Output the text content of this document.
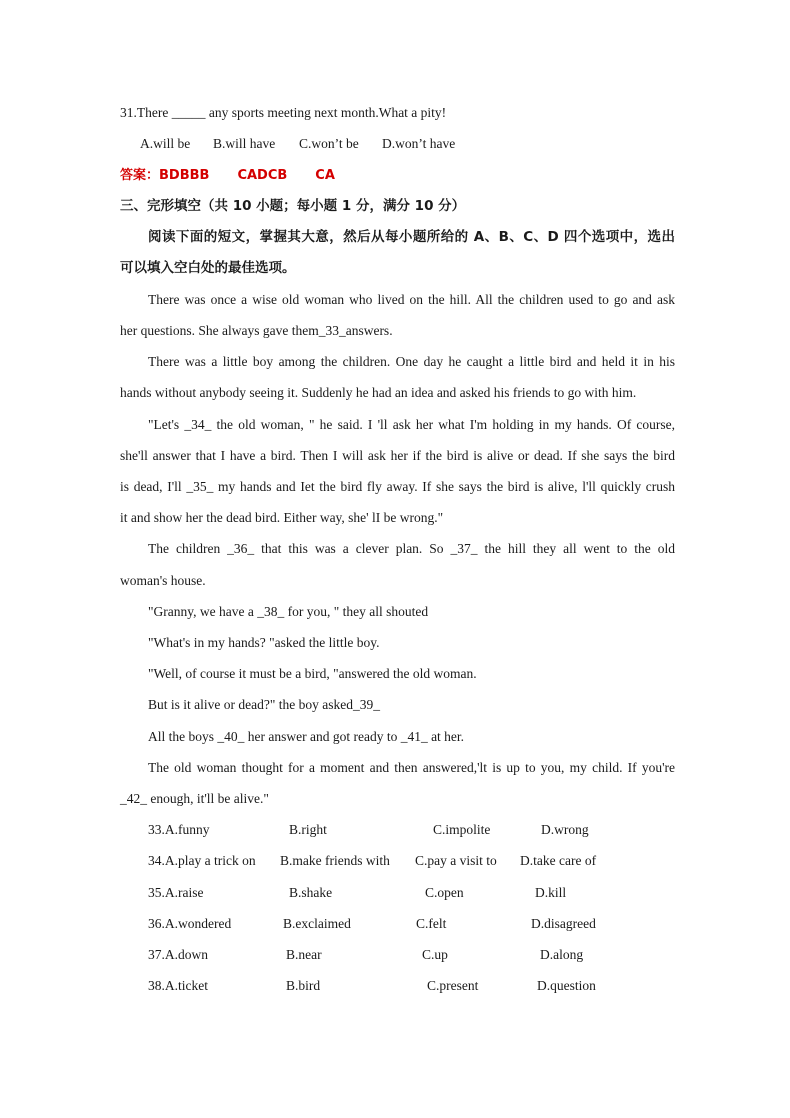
31.There _____ any sports meeting next month.What a pity!
A.will be B.will have C.won’t be D.won’t have
答案：BDBBB CADCB CA
三、完形填空（共 10 小题；每小题 1 分，满分 10 分）
阅读下面的短文，掌握其大意，然后从每小题所给的 A、B、C、D 四个选项中，选出
可以填入空白处的最佳选项。
There was once a wise old woman who lived on the hill. All the children used to go and ask
her questions. She always gave them_33_answers.
There was a little boy among the children. One day he caught a little bird and held it in his
hands without anybody seeing it. Suddenly he had an idea and asked his friends to go with him.
"Let's _34_ the old woman, " he said. I 'll ask her what I'm holding in my hands. Of course,
she'll answer that I have a bird. Then I will ask her if the bird is alive or dead. If she says the bird
is dead, I'll _35_ my hands and Iet the bird fly away. If she says the bird is alive, l'll quickly crush
it and show her the dead bird. Either way, she' lI be wrong."
The children _36_ that this was a clever plan. So _37_ the hill they all went to the old
woman's house.
"Granny, we have a _38_ for you, " they all shouted
"What's in my hands? "asked the little boy.
"Well, of course it must be a bird, "answered the old woman.
But is it alive or dead?" the boy asked_39_
All the boys _40_ her answer and got ready to _41_ at her.
The old woman thought for a moment and then answered,'lt is up to you, my child. If you're
_42_ enough, it'll be alive."
33.A.funny	B.right	C.impolite	D.wrong
34.A.play a trick on B.make friends with C.pay a visit to D.take care of
35.A.raise	B.shake	C.open	D.kill
36.A.wondered	B.exclaimed	C.felt	D.disagreed
37.A.down	B.near	C.up	D.along
38.A.ticket	B.bird	C.present	D.question
